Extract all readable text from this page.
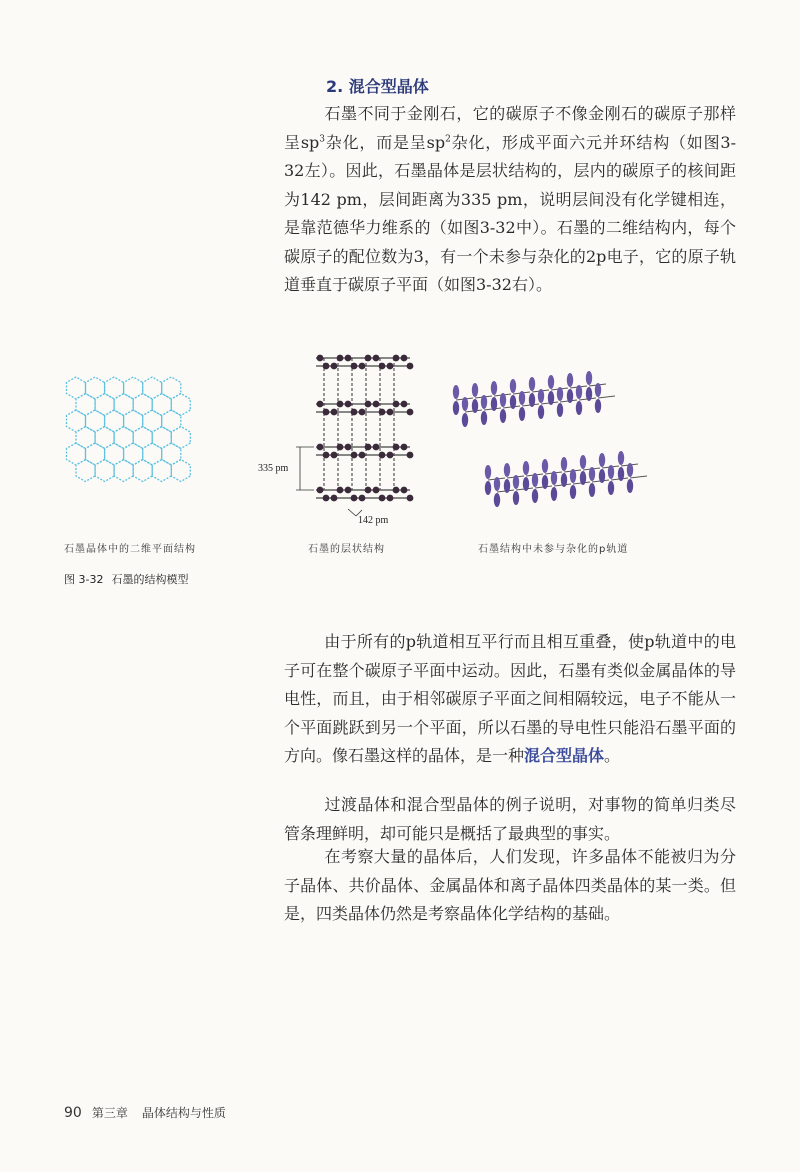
2. 混合型晶体

石墨不同于金刚石，它的碳原子不像金刚石的碳原子那样呈$sp^3$杂化，而是呈$sp^2$杂化，形成平面六元并环结构（如图3-32左）。因此，石墨晶体是层状结构的，层内的碳原子的核间距为142 pm，层间距离为335 pm，说明层间没有化学键相连，是靠范德华力维系的（如图3-32中）。石墨的二维结构内，每个碳原子的配位数为3，有一个未参与杂化的2p电子，它的原子轨道垂直于碳原子平面（如图3-32右）。

335 pm
142 pm
石墨晶体中的二维平面结构	石墨的层状结构	石墨结构中未参与杂化的p轨道
图 3-32 石墨的结构模型

由于所有的p轨道相互平行而且相互重叠，使p轨道中的电子可在整个碳原子平面中运动。因此，石墨有类似金属晶体的导电性，而且，由于相邻碳原子平面之间相隔较远，电子不能从一个平面跳跃到另一个平面，所以石墨的导电性只能沿石墨平面的方向。像石墨这样的晶体，是一种混合型晶体。

过渡晶体和混合型晶体的例子说明，对事物的简单归类尽管条理鲜明，却可能只是概括了最典型的事实。

在考察大量的晶体后，人们发现，许多晶体不能被归为分子晶体、共价晶体、金属晶体和离子晶体四类晶体的某一类。但是，四类晶体仍然是考察晶体化学结构的基础。

90 第三章 晶体结构与性质
